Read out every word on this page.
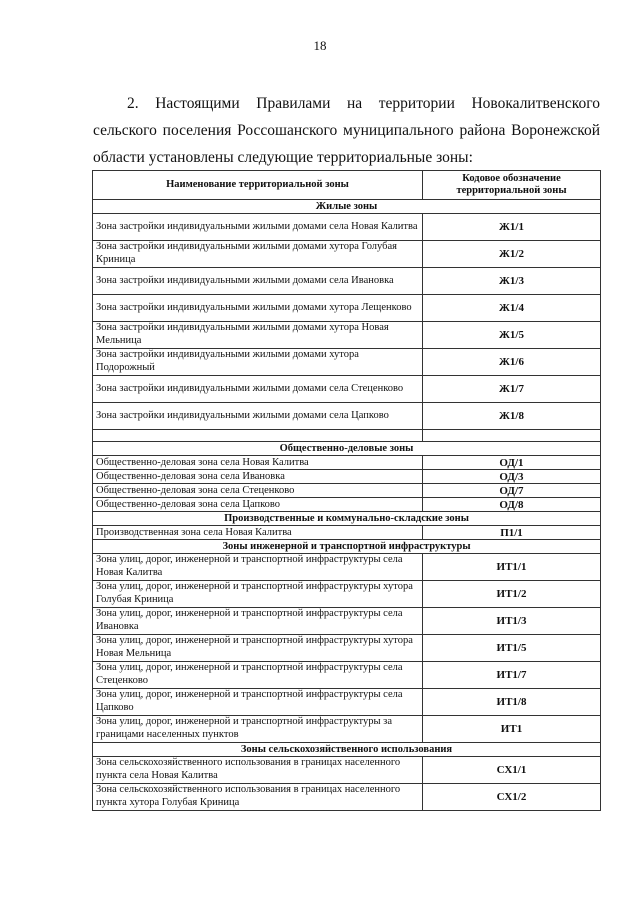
18

2. Настоящими Правилами на территории Новокалитвенского сельского поселения Россошанского муниципального района Воронежской области установлены следующие территориальные зоны:

Наименование территориальной зоны	Кодовое обозначение территориальной зоны
Жилые зоны	
Зона застройки индивидуальными жилыми домами села Новая Калитва	Ж1/1
Зона застройки индивидуальными жилыми домами хутора Голубая Криница	Ж1/2
Зона застройки индивидуальными жилыми домами села Ивановка	Ж1/3
Зона застройки индивидуальными жилыми домами хутора Лещенково	Ж1/4
Зона застройки индивидуальными жилыми домами хутора Новая Мельница	Ж1/5
Зона застройки индивидуальными жилыми домами хутора Подорожный	Ж1/6
Зона застройки индивидуальными жилыми домами села Стеценково	Ж1/7
Зона застройки индивидуальными жилыми домами села Цапково	Ж1/8

Общественно-деловые зоны	
Общественно-деловая зона села Новая Калитва	ОД/1
Общественно-деловая зона села Ивановка	ОД/3
Общественно-деловая зона села Стеценково	ОД/7
Общественно-деловая зона села Цапково	ОД/8
Производственные и коммунально-складские зоны	
Производственная зона села Новая Калитва	П1/1
Зоны инженерной и транспортной инфраструктуры	
Зона улиц, дорог, инженерной и транспортной инфраструктуры села Новая Калитва	ИТ1/1
Зона улиц, дорог, инженерной и транспортной инфраструктуры хутора Голубая Криница	ИТ1/2
Зона улиц, дорог, инженерной и транспортной инфраструктуры села Ивановка	ИТ1/3
Зона улиц, дорог, инженерной и транспортной инфраструктуры хутора Новая Мельница	ИТ1/5
Зона улиц, дорог, инженерной и транспортной инфраструктуры села Стеценково	ИТ1/7
Зона улиц, дорог, инженерной и транспортной инфраструктуры села Цапково	ИТ1/8
Зона улиц, дорог, инженерной и транспортной инфраструктуры за границами населенных пунктов	ИТ1
Зоны сельскохозяйственного использования	
Зона сельскохозяйственного использования в границах населенного пункта села Новая Калитва	СХ1/1
Зона сельскохозяйственного использования в границах населенного пункта хутора Голубая Криница	СХ1/2
